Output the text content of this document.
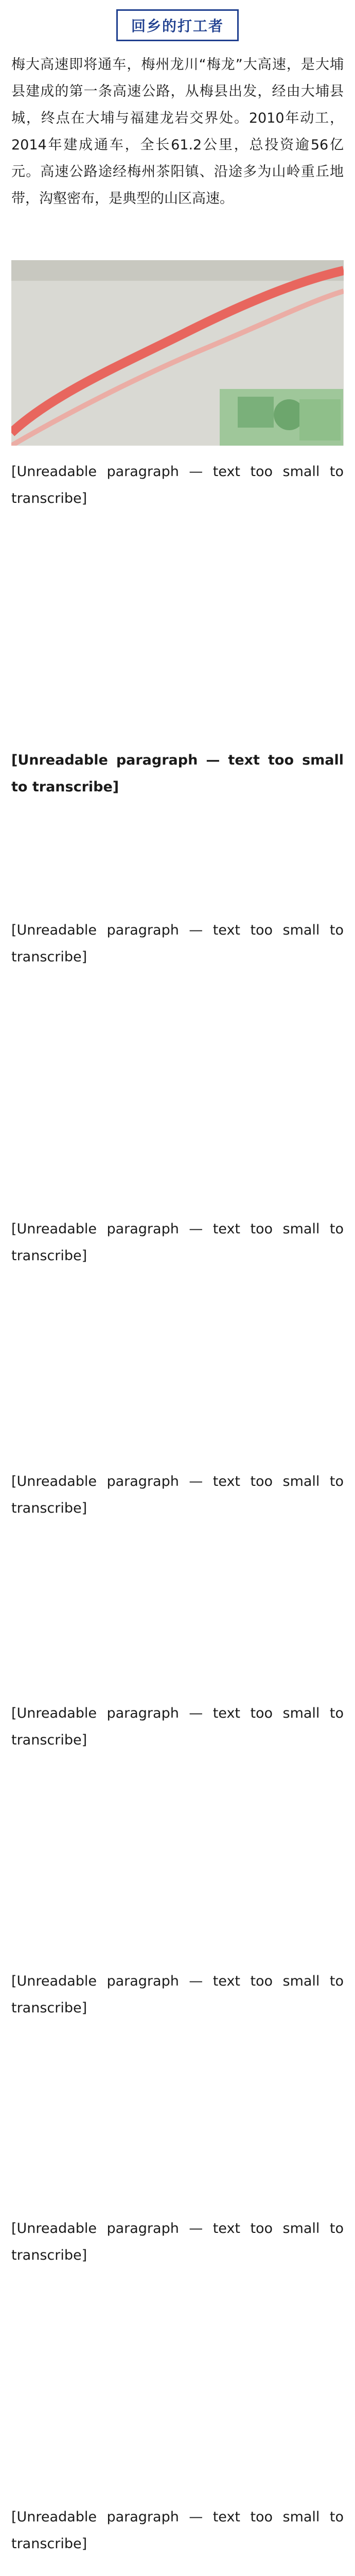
回乡的打工者
梅大高速即将通车，梅州龙川“梅龙”大高速，是大埔县建成的第一条高速公路，从梅县出发，经由大埔县城，终点在大埔与福建龙岩交界处。2010年动工，2014年建成通车，全长61.2公里，总投资逾56亿元。高速公路途经梅州茶阳镇、沿途多为山岭重丘地带，沟壑密布，是典型的山区高速。
[Unreadable paragraph — text too small to transcribe]
[Unreadable paragraph — text too small to transcribe]
[Unreadable paragraph — text too small to transcribe]
[Unreadable paragraph — text too small to transcribe]
[Unreadable paragraph — text too small to transcribe]
[Unreadable paragraph — text too small to transcribe]
[Unreadable paragraph — text too small to transcribe]
[Unreadable paragraph — text too small to transcribe]
[Unreadable paragraph — text too small to transcribe]
